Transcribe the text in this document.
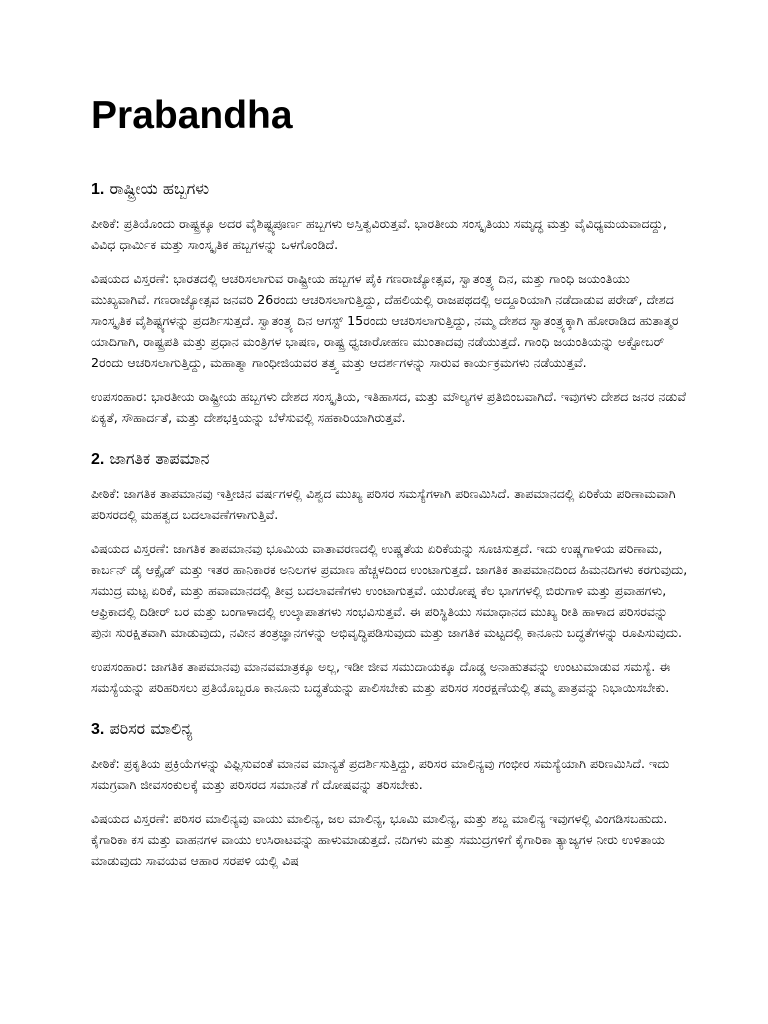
Prabandha
1. ರಾಷ್ಟ್ರೀಯ ಹಬ್ಬಗಳು

ಪೀಠಿಕೆ: ಪ್ರತಿಯೊಂದು ರಾಷ್ಟ್ರಕ್ಕೂ ಅದರ ವೈಶಿಷ್ಟ್ಯಪೂರ್ಣ ಹಬ್ಬಗಳು ಅಸ್ತಿತ್ವವಿರುತ್ತವೆ. ಭಾರತೀಯ ಸಂಸ್ಕೃತಿಯು ಸಮೃದ್ಧ ಮತ್ತು ವೈವಿಧ್ಯಮಯವಾದದ್ದು, ವಿವಿಧ ಧಾರ್ಮಿಕ ಮತ್ತು ಸಾಂಸ್ಕೃತಿಕ ಹಬ್ಬಗಳನ್ನು ಒಳಗೊಂಡಿದೆ.

ವಿಷಯದ ವಿಸ್ತರಣೆ: ಭಾರತದಲ್ಲಿ ಆಚರಿಸಲಾಗುವ ರಾಷ್ಟ್ರೀಯ ಹಬ್ಬಗಳ ಪೈಕಿ ಗಣರಾಜ್ಯೋತ್ಸವ, ಸ್ವಾತಂತ್ರ್ಯ ದಿನ, ಮತ್ತು ಗಾಂಧಿ ಜಯಂತಿಯು ಮುಖ್ಯವಾಗಿವೆ. ಗಣರಾಜ್ಯೋತ್ಸವ ಜನವರಿ 26ರಂದು ಆಚರಿಸಲಾಗುತ್ತಿದ್ದು, ದೆಹಲಿಯಲ್ಲಿ ರಾಜಪಥದಲ್ಲಿ ಅದ್ದೂರಿಯಾಗಿ ನಡೆದಾಡುವ ಪರೇಡ್, ದೇಶದ ಸಾಂಸ್ಕೃತಿಕ ವೈಶಿಷ್ಟ್ಯಗಳನ್ನು ಪ್ರದರ್ಶಿಸುತ್ತದೆ. ಸ್ವಾತಂತ್ರ್ಯ ದಿನ ಆಗಸ್ಟ್ 15ರಂದು ಆಚರಿಸಲಾಗುತ್ತಿದ್ದು, ನಮ್ಮ ದೇಶದ ಸ್ವಾತಂತ್ರ್ಯಕ್ಕಾಗಿ ಹೋರಾಡಿದ ಹುತಾತ್ಮರ ಯಾದಿಗಾಗಿ, ರಾಷ್ಟ್ರಪತಿ ಮತ್ತು ಪ್ರಧಾನ ಮಂತ್ರಿಗಳ ಭಾಷಣ, ರಾಷ್ಟ್ರ ಧ್ವಜಾರೋಹಣ ಮುಂತಾದವು ನಡೆಯುತ್ತದೆ. ಗಾಂಧಿ ಜಯಂತಿಯನ್ನು ಅಕ್ಟೋಬರ್ 2ರಂದು ಆಚರಿಸಲಾಗುತ್ತಿದ್ದು, ಮಹಾತ್ಮಾ ಗಾಂಧೀಜಿಯವರ ತತ್ತ್ವ ಮತ್ತು ಆದರ್ಶಗಳನ್ನು ಸಾರುವ ಕಾರ್ಯಕ್ರಮಗಳು ನಡೆಯುತ್ತವೆ.

ಉಪಸಂಹಾರ: ಭಾರತೀಯ ರಾಷ್ಟ್ರೀಯ ಹಬ್ಬಗಳು ದೇಶದ ಸಂಸ್ಕೃತಿಯ, ಇತಿಹಾಸದ, ಮತ್ತು ಮೌಲ್ಯಗಳ ಪ್ರತಿಬಿಂಬವಾಗಿದೆ. ಇವುಗಳು ದೇಶದ ಜನರ ನಡುವೆ ಏಕ್ಯತೆ, ಸೌಹಾರ್ದತೆ, ಮತ್ತು ದೇಶಭಕ್ತಿಯನ್ನು ಬೆಳೆಸುವಲ್ಲಿ ಸಹಕಾರಿಯಾಗಿರುತ್ತವೆ.

2. ಜಾಗತಿಕ ತಾಪಮಾನ

ಪೀಠಿಕೆ: ಜಾಗತಿಕ ತಾಪಮಾನವು ಇತ್ತೀಚಿನ ವರ್ಷಗಳಲ್ಲಿ ವಿಶ್ವದ ಮುಖ್ಯ ಪರಿಸರ ಸಮಸ್ಯೆಗಳಾಗಿ ಪರಿಣಮಿಸಿದೆ. ತಾಪಮಾನದಲ್ಲಿ ಏರಿಕೆಯ ಪರಿಣಾಮವಾಗಿ ಪರಿಸರದಲ್ಲಿ ಮಹತ್ವದ ಬದಲಾವಣೆಗಳಾಗುತ್ತಿವೆ.

ವಿಷಯದ ವಿಸ್ತರಣೆ: ಜಾಗತಿಕ ತಾಪಮಾನವು ಭೂಮಿಯ ವಾತಾವರಣದಲ್ಲಿ ಉಷ್ಣತೆಯ ಏರಿಕೆಯನ್ನು ಸೂಚಿಸುತ್ತದೆ. ಇದು ಉಷ್ಣಗಾಳಿಯ ಪರಿಣಾಮ, ಕಾರ್ಬನ್ ಡೈ ಆಕ್ಸೈಡ್ ಮತ್ತು ಇತರ ಹಾನಿಕಾರಕ ಅನಿಲಗಳ ಪ್ರಮಾಣ ಹೆಚ್ಚಳದಿಂದ ಉಂಟಾಗುತ್ತದೆ. ಜಾಗತಿಕ ತಾಪಮಾನದಿಂದ ಹಿಮನದಿಗಳು ಕರಗುವುದು, ಸಮುದ್ರ ಮಟ್ಟ ಏರಿಕೆ, ಮತ್ತು ಹವಾಮಾನದಲ್ಲಿ ತೀವ್ರ ಬದಲಾವಣೆಗಳು ಉಂಟಾಗುತ್ತವೆ. ಯುರೋಪ್ನ ಕೆಲ ಭಾಗಗಳಲ್ಲಿ ಬಿರುಗಾಳಿ ಮತ್ತು ಪ್ರವಾಹಗಳು, ಆಫ್ರಿಕಾದಲ್ಲಿ ದಿಡೀರ್ ಬರ ಮತ್ತು ಬಂಗಾಳಾದಲ್ಲಿ ಉಲ್ಕಾಪಾತಗಳು ಸಂಭವಿಸುತ್ತವೆ. ಈ ಪರಿಸ್ಥಿತಿಯು ಸಮಾಧಾನದ ಮುಖ್ಯ ರೀತಿ ಹಾಳಾದ ಪರಿಸರವನ್ನು ಪುನಃ ಸುರಕ್ಷಿತವಾಗಿ ಮಾಡುವುದು, ನವೀನ ತಂತ್ರಜ್ಞಾನಗಳನ್ನು ಅಭಿವೃದ್ಧಿಪಡಿಸುವುದು ಮತ್ತು ಜಾಗತಿಕ ಮಟ್ಟದಲ್ಲಿ ಕಾನೂನು ಬದ್ಧತೆಗಳನ್ನು ರೂಪಿಸುವುದು.

ಉಪಸಂಹಾರ: ಜಾಗತಿಕ ತಾಪಮಾನವು ಮಾನವಮಾತ್ರಕ್ಕೂ ಅಲ್ಲ, ಇಡೀ ಜೀವ ಸಮುದಾಯಕ್ಕೂ ದೊಡ್ಡ ಅನಾಹುತವನ್ನು ಉಂಟುಮಾಡುವ ಸಮಸ್ಯೆ. ಈ ಸಮಸ್ಯೆಯನ್ನು ಪರಿಹರಿಸಲು ಪ್ರತಿಯೊಬ್ಬರೂ ಕಾನೂನು ಬದ್ಧತೆಯನ್ನು ಪಾಲಿಸಬೇಕು ಮತ್ತು ಪರಿಸರ ಸಂರಕ್ಷಣೆಯಲ್ಲಿ ತಮ್ಮ ಪಾತ್ರವನ್ನು ನಿಭಾಯಿಸಬೇಕು.

3. ಪರಿಸರ ಮಾಲಿನ್ಯ

ಪೀಠಿಕೆ: ಪ್ರಕೃತಿಯ ಪ್ರಕ್ರಿಯೆಗಳನ್ನು ವಿಫ್ಲಿಸುವಂತೆ ಮಾನವ ಮಾನ್ಯತೆ ಪ್ರದರ್ಶಿಸುತ್ತಿದ್ದು, ಪರಿಸರ ಮಾಲಿನ್ಯವು ಗಂಭೀರ ಸಮಸ್ಯೆಯಾಗಿ ಪರಿಣಮಿಸಿದೆ. ಇದು ಸಮಗ್ರವಾಗಿ ಜೀವಸಂಕುಲಕ್ಕೆ ಮತ್ತು ಪರಿಸರದ ಸಮಾನತೆ ಗೆ ದೋಷವನ್ನು ತರಿಸಬೇಕು.

ವಿಷಯದ ವಿಸ್ತರಣೆ: ಪರಿಸರ ಮಾಲಿನ್ಯವು ವಾಯು ಮಾಲಿನ್ಯ, ಜಲ ಮಾಲಿನ್ಯ, ಭೂಮಿ ಮಾಲಿನ್ಯ, ಮತ್ತು ಶಬ್ದ ಮಾಲಿನ್ಯ ಇವುಗಳಲ್ಲಿ ವಿಂಗಡಿಸಬಹುದು. ಕೈಗಾರಿಕಾ ಕಸ ಮತ್ತು ವಾಹನಗಳ ವಾಯು ಉಸಿರಾಟವನ್ನು ಹಾಳುಮಾಡುತ್ತದೆ. ನದಿಗಳು ಮತ್ತು ಸಮುದ್ರಗಳಿಗೆ ಕೈಗಾರಿಕಾ ತ್ಯಾಜ್ಯಗಳ ನೀರು ಉಳಿತಾಯ ಮಾಡುವುದು ಸಾವಯವ ಆಹಾರ ಸರಪಳಿ ಯಲ್ಲಿ ವಿಷ
